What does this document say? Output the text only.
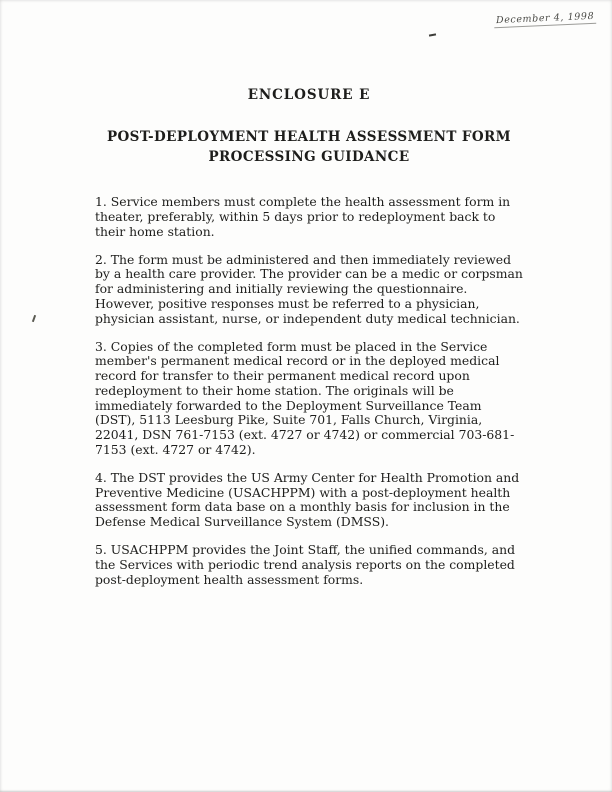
December 4, 1998
ENCLOSURE E
POST-DEPLOYMENT HEALTH ASSESSMENT FORM
PROCESSING GUIDANCE

1. Service members must complete the health assessment form in theater, preferably, within 5 days prior to redeployment back to their home station.

2. The form must be administered and then immediately reviewed by a health care provider. The provider can be a medic or corpsman for administering and initially reviewing the questionnaire. However, positive responses must be referred to a physician, physician assistant, nurse, or independent duty medical technician.

3. Copies of the completed form must be placed in the Service member's permanent medical record or in the deployed medical record for transfer to their permanent medical record upon redeployment to their home station. The originals will be immediately forwarded to the Deployment Surveillance Team (DST), 5113 Leesburg Pike, Suite 701, Falls Church, Virginia, 22041, DSN 761-7153 (ext. 4727 or 4742) or commercial 703-681-7153 (ext. 4727 or 4742).

4. The DST provides the US Army Center for Health Promotion and Preventive Medicine (USACHPPM) with a post-deployment health assessment form data base on a monthly basis for inclusion in the Defense Medical Surveillance System (DMSS).

5. USACHPPM provides the Joint Staff, the unified commands, and the Services with periodic trend analysis reports on the completed post-deployment health assessment forms.
